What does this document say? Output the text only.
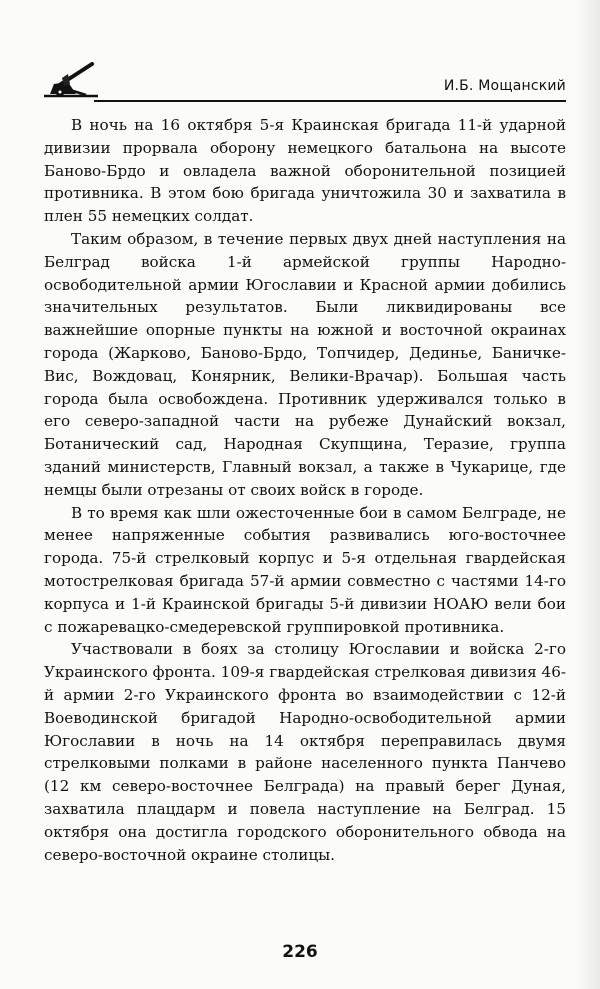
И.Б. Мощанский

В ночь на 16 октября 5-я Краинская бригада 11-й ударной дивизии прорвала оборону немецкого батальона на высоте Баново-Брдо и овладела важной оборонительной позицией противника. В этом бою бригада уничтожила 30 и захватила в плен 55 немецких солдат.

Таким образом, в течение первых двух дней наступления на Белград войска 1-й армейской группы Народно-освободительной армии Югославии и Красной армии добились значительных результатов. Были ликвидированы все важнейшие опорные пункты на южной и восточной окраинах города (Жарково, Баново-Брдо, Топчидер, Дединье, Баничке-Вис, Вождовац, Конярник, Велики-Врачар). Большая часть города была освобождена. Противник удерживался только в его северо-западной части на рубеже Дунайский вокзал, Ботанический сад, Народная Скупщина, Теразие, группа зданий министерств, Главный вокзал, а также в Чукарице, где немцы были отрезаны от своих войск в городе.

В то время как шли ожесточенные бои в самом Белграде, не менее напряженные события развивались юго-восточнее города. 75-й стрелковый корпус и 5-я отдельная гвардейская мотострелковая бригада 57-й армии совместно с частями 14-го корпуса и 1-й Краинской бригады 5-й дивизии НОАЮ вели бои с пожаревацко-смедеревской группировкой противника.

Участвовали в боях за столицу Югославии и войска 2-го Украинского фронта. 109-я гвардейская стрелковая дивизия 46-й армии 2-го Украинского фронта во взаимодействии с 12-й Воеводинской бригадой Народно-освободительной армии Югославии в ночь на 14 октября переправилась двумя стрелковыми полками в районе населенного пункта Панчево (12 км северо-восточнее Белграда) на правый берег Дуная, захватила плацдарм и повела наступление на Белград. 15 октября она достигла городского оборонительного обвода на северо-восточной окраине столицы.

226
